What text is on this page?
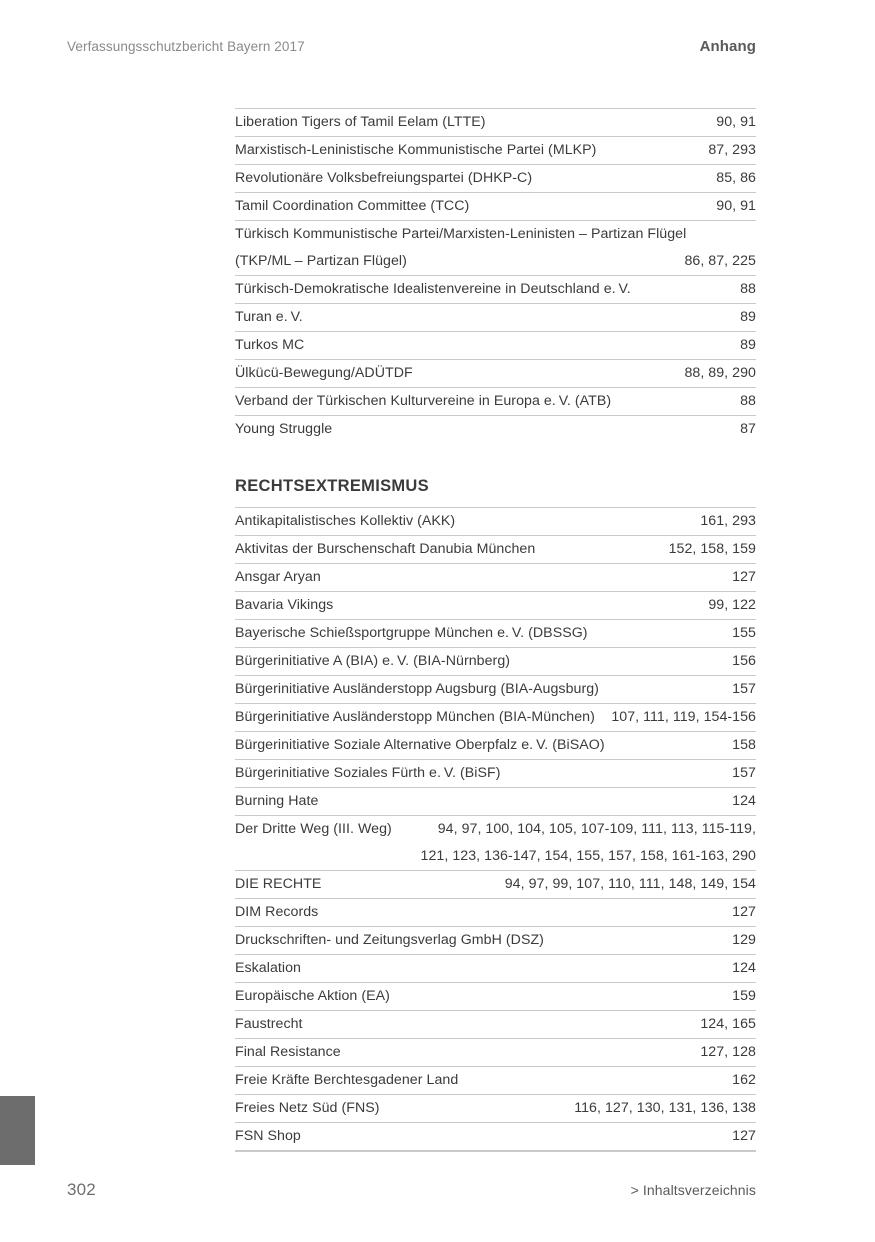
Verfassungsschutzbericht Bayern 2017	Anhang
Liberation Tigers of Tamil Eelam (LTTE)	90, 91
Marxistisch-Leninistische Kommunistische Partei (MLKP)	87, 293
Revolutionäre Volksbefreiungspartei (DHKP-C)	85, 86
Tamil Coordination Committee (TCC)	90, 91
Türkisch Kommunistische Partei/Marxisten-Leninisten – Partizan Flügel
(TKP/ML – Partizan Flügel)	86, 87, 225
Türkisch-Demokratische Idealistenvereine in Deutschland e. V.	88
Turan e. V.	89
Turkos MC	89
Ülkücü-Bewegung/ADÜTDF	88, 89, 290
Verband der Türkischen Kulturvereine in Europa e. V. (ATB)	88
Young Struggle	87
RECHTSEXTREMISMUS
Antikapitalistisches Kollektiv (AKK)	161, 293
Aktivitas der Burschenschaft Danubia München	152, 158, 159
Ansgar Aryan	127
Bavaria Vikings	99, 122
Bayerische Schießsportgruppe München e. V. (DBSSG)	155
Bürgerinitiative A (BIA) e. V. (BIA-Nürnberg)	156
Bürgerinitiative Ausländerstopp Augsburg (BIA-Augsburg)	157
Bürgerinitiative Ausländerstopp München (BIA-München)	107, 111, 119, 154-156
Bürgerinitiative Soziale Alternative Oberpfalz e. V. (BiSAO)	158
Bürgerinitiative Soziales Fürth e. V. (BiSF)	157
Burning Hate	124
Der Dritte Weg (III. Weg)	94, 97, 100, 104, 105, 107-109, 111, 113, 115-119,
121, 123, 136-147, 154, 155, 157, 158, 161-163, 290
DIE RECHTE	94, 97, 99, 107, 110, 111, 148, 149, 154
DIM Records	127
Druckschriften- und Zeitungsverlag GmbH (DSZ)	129
Eskalation	124
Europäische Aktion (EA)	159
Faustrecht	124, 165
Final Resistance	127, 128
Freie Kräfte Berchtesgadener Land	162
Freies Netz Süd (FNS)	116, 127, 130, 131, 136, 138
FSN Shop	127
302	> Inhaltsverzeichnis
